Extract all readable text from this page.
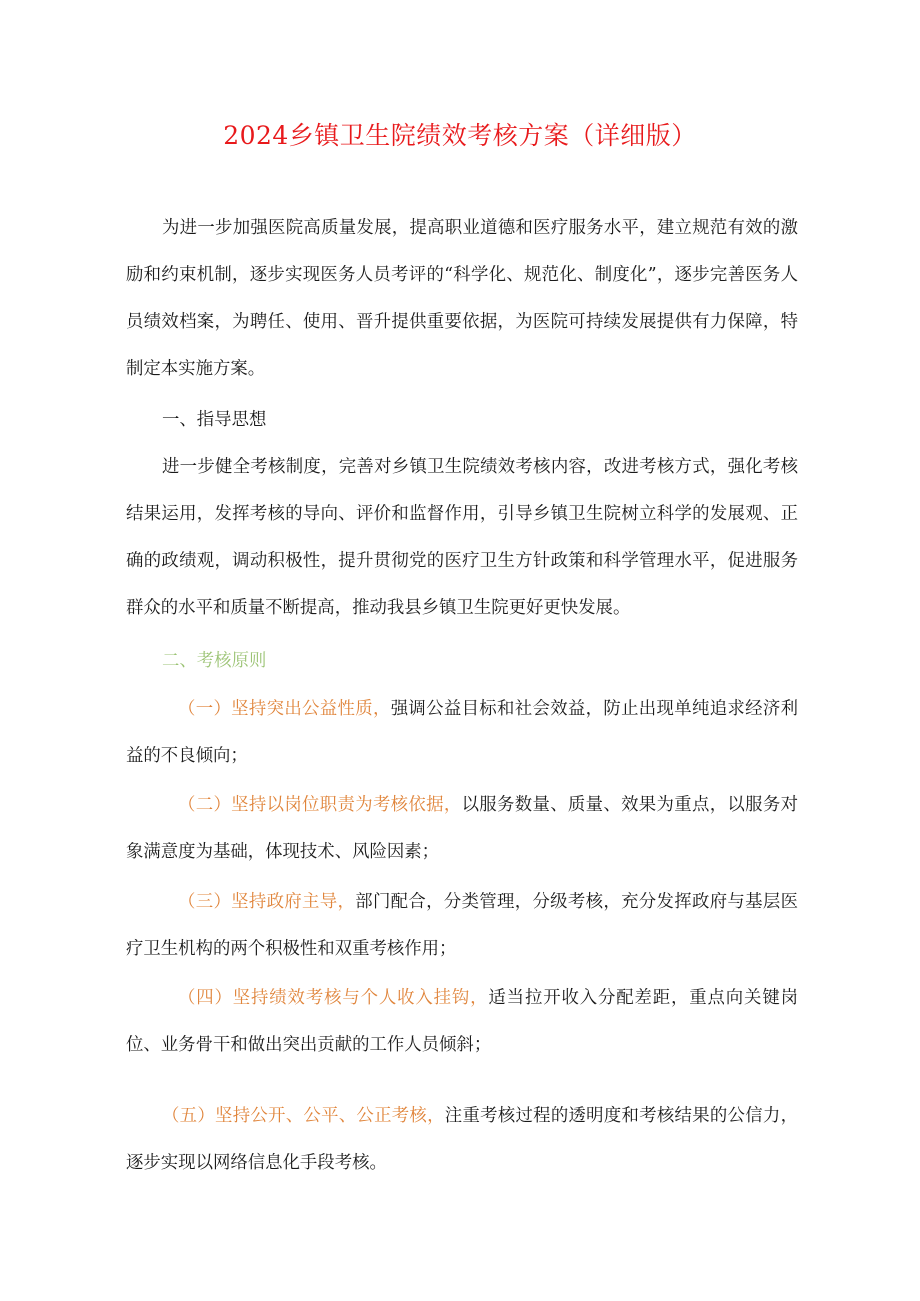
2024乡镇卫生院绩效考核方案（详细版）
为进一步加强医院高质量发展，提高职业道德和医疗服务水平，建立规范有效的激励和约束机制，逐步实现医务人员考评的“科学化、规范化、制度化”，逐步完善医务人员绩效档案，为聘任、使用、晋升提供重要依据，为医院可持续发展提供有力保障，特制定本实施方案。
一、指导思想
进一步健全考核制度，完善对乡镇卫生院绩效考核内容，改进考核方式，强化考核结果运用，发挥考核的导向、评价和监督作用，引导乡镇卫生院树立科学的发展观、正确的政绩观，调动积极性，提升贯彻党的医疗卫生方针政策和科学管理水平，促进服务群众的水平和质量不断提高，推动我县乡镇卫生院更好更快发展。
二、考核原则
（一）坚持突出公益性质，强调公益目标和社会效益，防止出现单纯追求经济利益的不良倾向；
（二）坚持以岗位职责为考核依据，以服务数量、质量、效果为重点，以服务对象满意度为基础，体现技术、风险因素；
（三）坚持政府主导，部门配合，分类管理，分级考核，充分发挥政府与基层医疗卫生机构的两个积极性和双重考核作用；
（四）坚持绩效考核与个人收入挂钩，适当拉开收入分配差距，重点向关键岗位、业务骨干和做出突出贡献的工作人员倾斜；
（五）坚持公开、公平、公正考核，注重考核过程的透明度和考核结果的公信力，逐步实现以网络信息化手段考核。
